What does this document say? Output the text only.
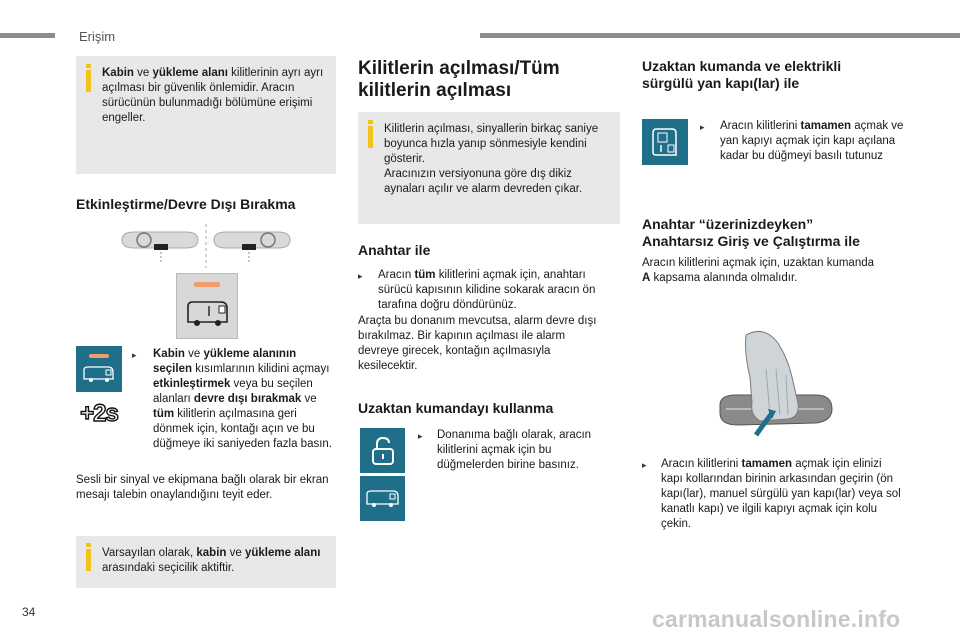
Erişim
Kabin ve yükleme alanı kilitlerinin ayrı ayrı açılması bir güvenlik önlemidir. Aracın sürücünün bulunmadığı bölümüne erişimi engeller.
Etkinleştirme/Devre Dışı Bırakma
+2s
▸	Kabin ve yükleme alanının seçilen kısımlarının kilidini açmayı etkinleştirmek veya bu seçilen alanları devre dışı bırakmak ve tüm kilitlerin açılmasına geri dönmek için, kontağı açın ve bu düğmeye iki saniyeden fazla basın.
Sesli bir sinyal ve ekipmana bağlı olarak bir ekran mesajı talebin onaylandığını teyit eder.
Varsayılan olarak, kabin ve yükleme alanı arasındaki seçicilik aktiftir.
Kilitlerin açılması/Tüm
kilitlerin açılması
Kilitlerin açılması, sinyallerin birkaç saniye boyunca hızla yanıp sönmesiyle kendini gösterir.
Aracınızın versiyonuna göre dış dikiz aynaları açılır ve alarm devreden çıkar.
Anahtar ile
▸	Aracın tüm kilitlerini açmak için, anahtarı sürücü kapısının kilidine sokarak aracın ön tarafına doğru döndürünüz.
Araçta bu donanım mevcutsa, alarm devre dışı bırakılmaz. Bir kapının açılması ile alarm devreye girecek, kontağın açılmasıyla kesilecektir.
Uzaktan kumandayı kullanma
▸	Donanıma bağlı olarak, aracın kilitlerini açmak için bu düğmelerden birine basınız.
Uzaktan kumanda ve elektrikli
sürgülü yan kapı(lar) ile
▸	Aracın kilitlerini tamamen açmak ve yan kapıyı açmak için kapı açılana kadar bu düğmeyi basılı tutunuz
Anahtar “üzerinizdeyken”
Anahtarsız Giriş ve Çalıştırma ile
Aracın kilitlerini açmak için, uzaktan kumanda A kapsama alanında olmalıdır.
▸	Aracın kilitlerini tamamen açmak için elinizi kapı kollarından birinin arkasından geçirin (ön kapı(lar), manuel sürgülü yan kapı(lar) veya sol kanatlı kapı) ve ilgili kapıyı açmak için kolu çekin.
34	carmanualsonline.info
